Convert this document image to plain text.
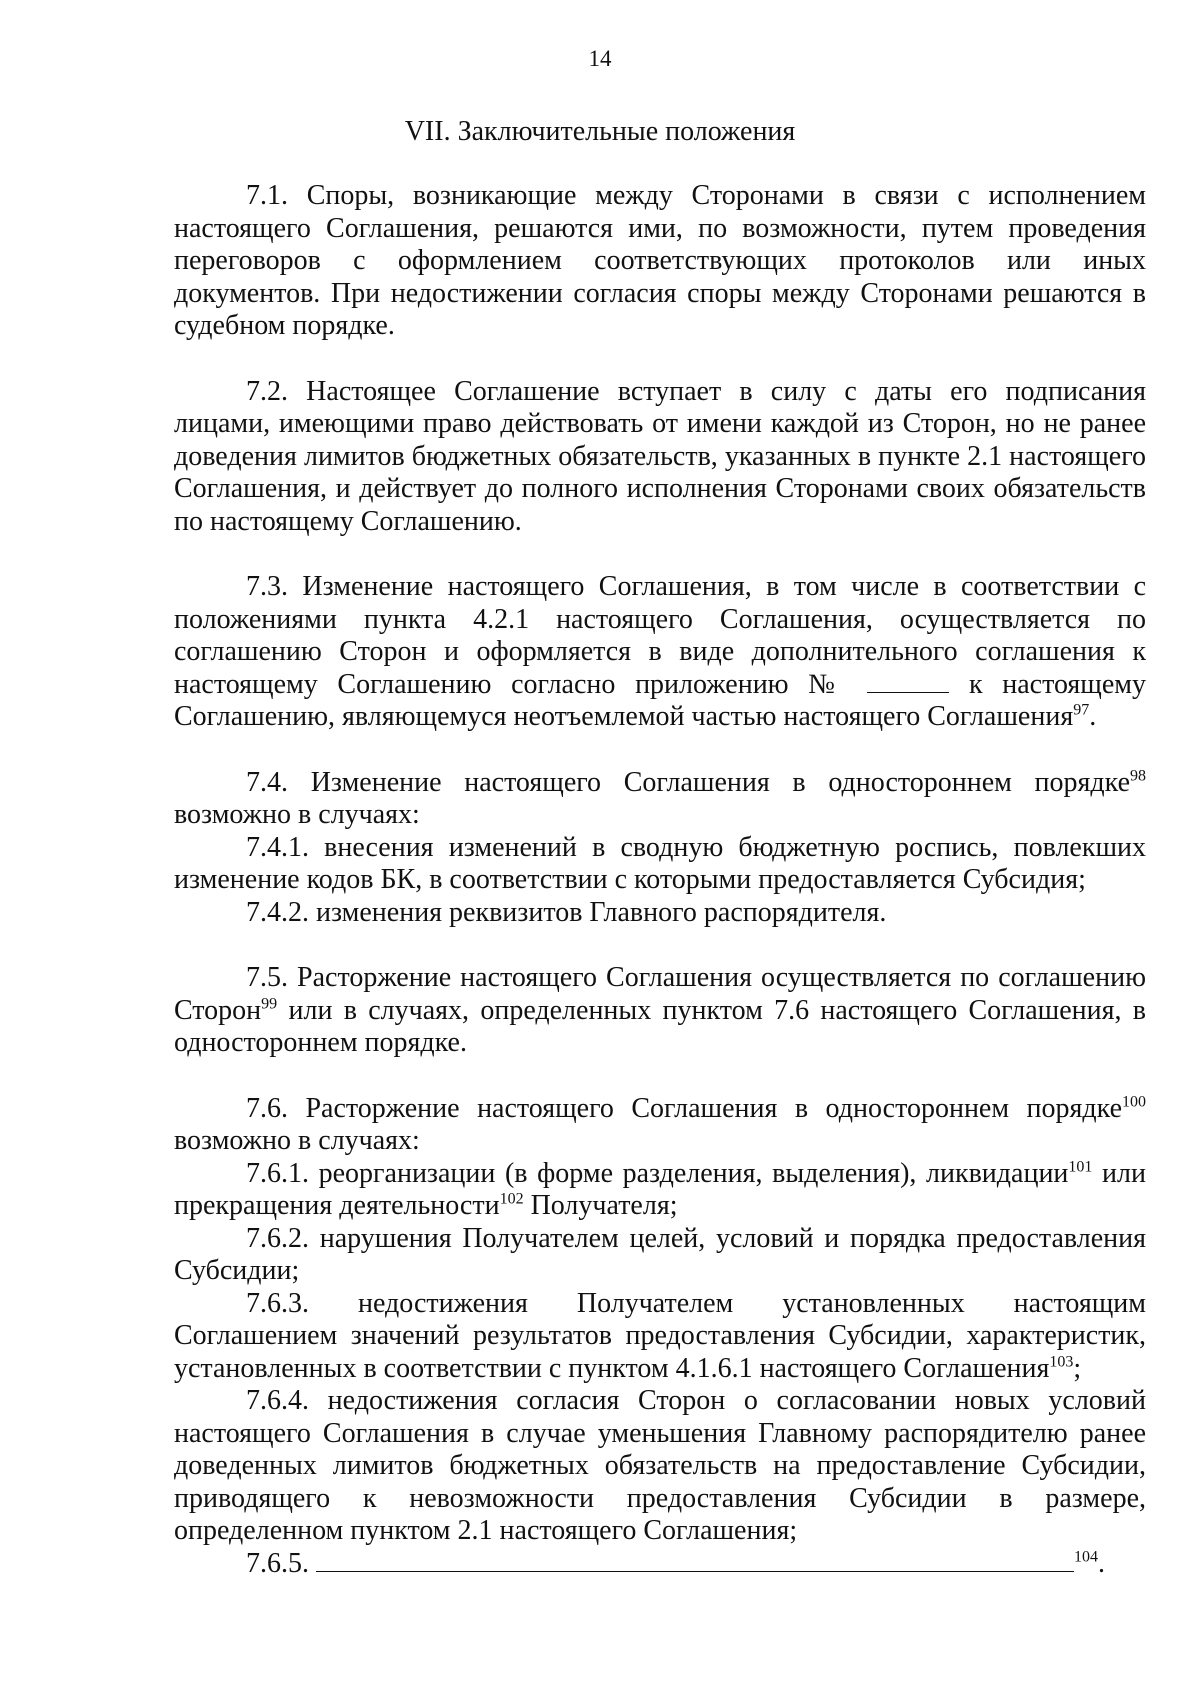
14
VII. Заключительные положения

7.1. Споры, возникающие между Сторонами в связи с исполнением настоящего Соглашения, решаются ими, по возможности, путем проведения переговоров с оформлением соответствующих протоколов или иных документов. При недостижении согласия споры между Сторонами решаются в судебном порядке.

7.2. Настоящее Соглашение вступает в силу с даты его подписания лицами, имеющими право действовать от имени каждой из Сторон, но не ранее доведения лимитов бюджетных обязательств, указанных в пункте 2.1 настоящего Соглашения, и действует до полного исполнения Сторонами своих обязательств по настоящему Соглашению.

7.3. Изменение настоящего Соглашения, в том числе в соответствии с положениями пункта 4.2.1 настоящего Соглашения, осуществляется по соглашению Сторон и оформляется в виде дополнительного соглашения к настоящему Соглашению согласно приложению №	к настоящему Соглашению, являющемуся неотъемлемой частью настоящего Соглашения$^{97}$.

7.4. Изменение настоящего Соглашения в одностороннем порядке$^{98}$ возможно в случаях:

7.4.1. внесения изменений в сводную бюджетную роспись, повлекших изменение кодов БК, в соответствии с которыми предоставляется Субсидия;

7.4.2. изменения реквизитов Главного распорядителя.

7.5. Расторжение настоящего Соглашения осуществляется по соглашению Сторон$^{99}$ или в случаях, определенных пунктом 7.6 настоящего Соглашения, в одностороннем порядке.

7.6. Расторжение настоящего Соглашения в одностороннем порядке$^{100}$ возможно в случаях:

7.6.1. реорганизации (в форме разделения, выделения), ликвидации$^{101}$ или прекращения деятельности$^{102}$ Получателя;

7.6.2. нарушения Получателем целей, условий и порядка предоставления Субсидии;

7.6.3. недостижения Получателем установленных настоящим Соглашением значений результатов предоставления Субсидии, характеристик, установленных в соответствии с пунктом 4.1.6.1 настоящего Соглашения$^{103}$;

7.6.4. недостижения согласия Сторон о согласовании новых условий настоящего Соглашения в случае уменьшения Главному распорядителю ранее доведенных лимитов бюджетных обязательств на предоставление Субсидии, приводящего к невозможности предоставления Субсидии в размере, определенном пунктом 2.1 настоящего Соглашения;

7.6.5.	$^{104}$.
